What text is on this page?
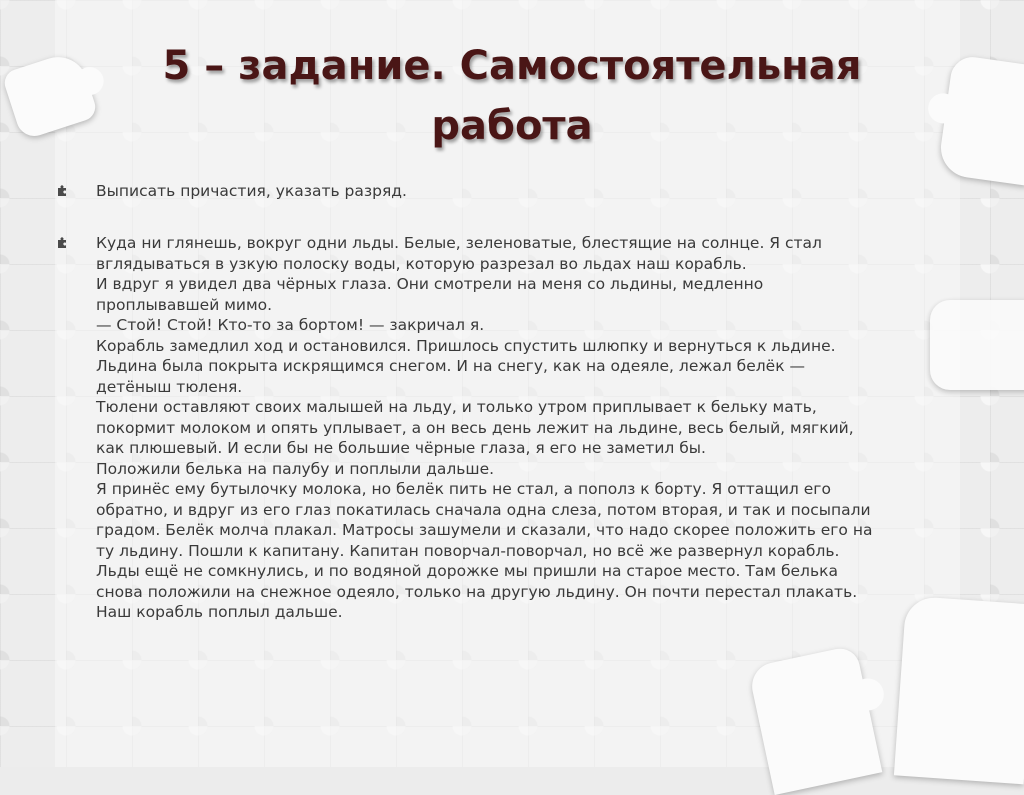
5 – задание. Самостоятельная
работа
Выписать причастия, указать разряд.
Куда ни глянешь, вокруг одни льды. Белые, зеленоватые, блестящие на солнце. Я стал
вглядываться в узкую полоску воды, которую разрезал во льдах наш корабль.
И вдруг я увидел два чёрных глаза. Они смотрели на меня со льдины, медленно
проплывавшей мимо.
— Стой! Стой! Кто-то за бортом! — закричал я.
Корабль замедлил ход и остановился. Пришлось спустить шлюпку и вернуться к льдине.
Льдина была покрыта искрящимся снегом. И на снегу, как на одеяле, лежал белёк —
детёныш тюленя.
Тюлени оставляют своих малышей на льду, и только утром приплывает к бельку мать,
покормит молоком и опять уплывает, а он весь день лежит на льдине, весь белый, мягкий,
как плюшевый. И если бы не большие чёрные глаза, я его не заметил бы.
Положили белька на палубу и поплыли дальше.
Я принёс ему бутылочку молока, но белёк пить не стал, а пополз к борту. Я оттащил его
обратно, и вдруг из его глаз покатилась сначала одна слеза, потом вторая, и так и посыпали
градом. Белёк молча плакал. Матросы зашумели и сказали, что надо скорее положить его на
ту льдину. Пошли к капитану. Капитан поворчал-поворчал, но всё же развернул корабль.
Льды ещё не сомкнулись, и по водяной дорожке мы пришли на старое место. Там белька
снова положили на снежное одеяло, только на другую льдину. Он почти перестал плакать.
Наш корабль поплыл дальше.
